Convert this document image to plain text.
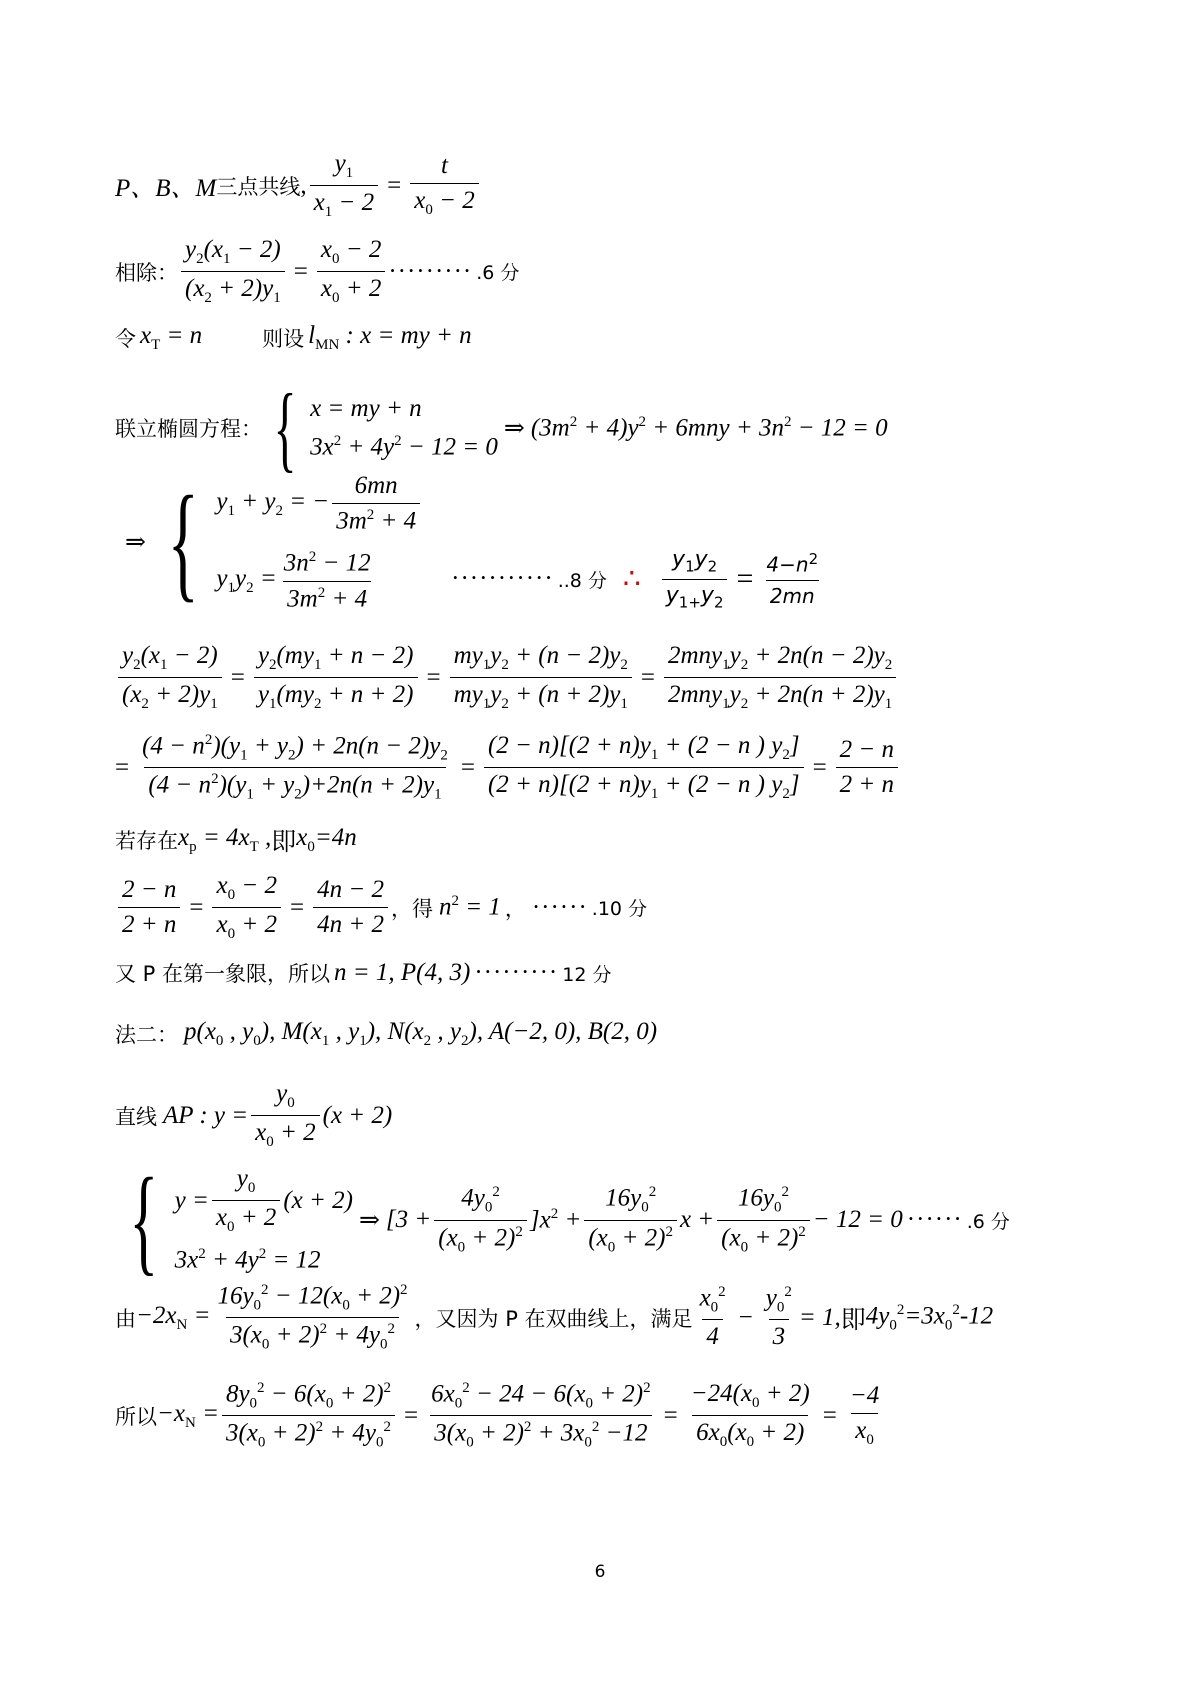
P、B、M 三点共线 , $\frac{y_1}{x_1 - 2} = \frac{t}{x_0 - 2}$
相除： $\frac{y_2(x_1 - 2)}{(x_2 + 2)y_1} = \frac{x_0 - 2}{x_0 + 2}$ ········· .6 分
令 $x_T = n$	则设 $l_{MN}$ : x = my + n
联立椭圆方程： { x = my + n
$3x^2 + 4y^2 - 12 = 0$
⇒ $(3m^2 + 4)y^2 + 6mny + 3n^2 - 12 = 0$
⇒ { $y_1 + y_2$ = − $\frac{6mn}{3m^2 + 4}$
$y_1y_2 = \frac{3n^2 - 12}{3m^2 + 4}$	··········· ..8 分 ∴ $\frac{y_1y_2}{y_{1+}y_2} = \frac{4-n^2}{2mn}$
$\frac{y_2(x_1 - 2)}{(x_2 + 2)y_1} = \frac{y_2(my_1 + n - 2)}{y_1(my_2 + n + 2)} = \frac{my_1y_2 + (n - 2)y_2}{my_1y_2 + (n + 2)y_1} = \frac{2mny_1y_2 + 2n(n - 2)y_2}{2mny_1y_2 + 2n(n + 2)y_1}$
= $\frac{(4 - n^2)(y_1 + y_2) + 2n(n - 2)y_2}{(4 - n^2)(y_1 + y_2)+2n(n + 2)y_1} = \frac{(2 - n)[(2 + n)y_1 + (2 - n ) y_2]}{(2 + n)[(2 + n)y_1 + (2 - n ) y_2]} = \frac{2 - n}{2 + n}$
若存在 $x_p = 4x_T$ , 即 $x_0=4n$
$\frac{2 - n}{2 + n} = \frac{x_0 - 2}{x_0 + 2} = \frac{4n - 2}{4n + 2}$ ，得 $n^2 = 1$ ， ······ .10 分
又 P 在第一象限，所以 n = 1, P(4, 3) ········· 12 分
法二： $p(x_0$ , $y_0$), $M(x_1$ , $y_1$), $N(x_2$ , $y_2$), A(−2, 0), B(2, 0)
直线 AP : $y = \frac{y_0}{x_0 + 2} (x + 2)$
{ $y = \frac{y_0}{x_0 + 2} (x + 2)$
$3x^2 + 4y^2 = 12$
⇒ $[3 + \frac{4y_0^2}{(x_0 + 2)^2} ]x^2 + \frac{16y_0^2}{(x_0 + 2)^2}$ $x + \frac{16y_0^2}{(x_0 + 2)^2} - 12 = 0$ ······ .6 分
由 $-2x_N = \frac{16y_0^2 - 12(x_0 + 2)^2}{3(x_0 + 2)^2 + 4y_0^2}$ ，又因为 P 在双曲线上，满足 $\frac{x_0^2}{4} - \frac{y_0^2}{3} = 1$, 即 $4y_0^2=3x_0^2-12$
所以 $-x_N = \frac{8y_0^2 - 6(x_0 + 2)^2}{3(x_0 + 2)^2 + 4y_0^2} = \frac{6x_0^2 - 24 - 6(x_0 + 2)^2}{3(x_0 + 2)^2 + 3x_0^2 -12} = \frac{-24(x_0 + 2)}{6x_0(x_0 + 2)} = \frac{-4}{x_0}$
6
